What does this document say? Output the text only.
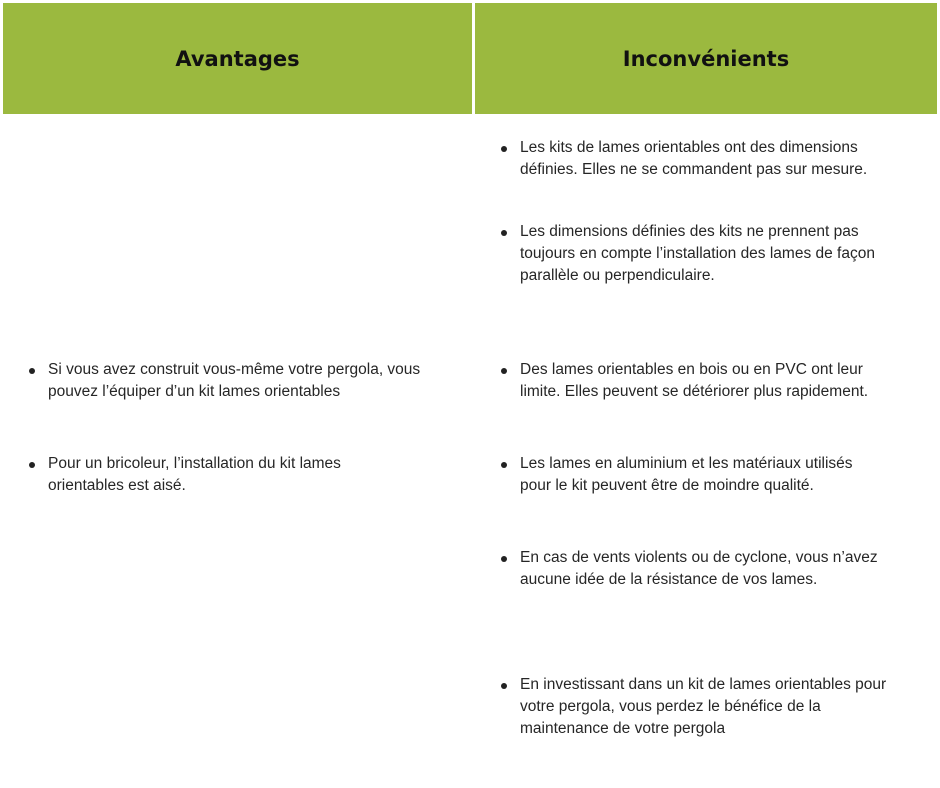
Avantages	Inconvénients
Si vous avez construit vous-même votre pergola, vous
pouvez l’équiper d’un kit lames orientables
Pour un bricoleur, l’installation du kit lames
orientables est aisé.
Les kits de lames orientables ont des dimensions
définies. Elles ne se commandent pas sur mesure.
Les dimensions définies des kits ne prennent pas
toujours en compte l’installation des lames de façon
parallèle ou perpendiculaire.
Des lames orientables en bois ou en PVC ont leur
limite. Elles peuvent se détériorer plus rapidement.
Les lames en aluminium et les matériaux utilisés
pour le kit peuvent être de moindre qualité.
En cas de vents violents ou de cyclone, vous n’avez
aucune idée de la résistance de vos lames.
En investissant dans un kit de lames orientables pour
votre pergola, vous perdez le bénéfice de la
maintenance de votre pergola
